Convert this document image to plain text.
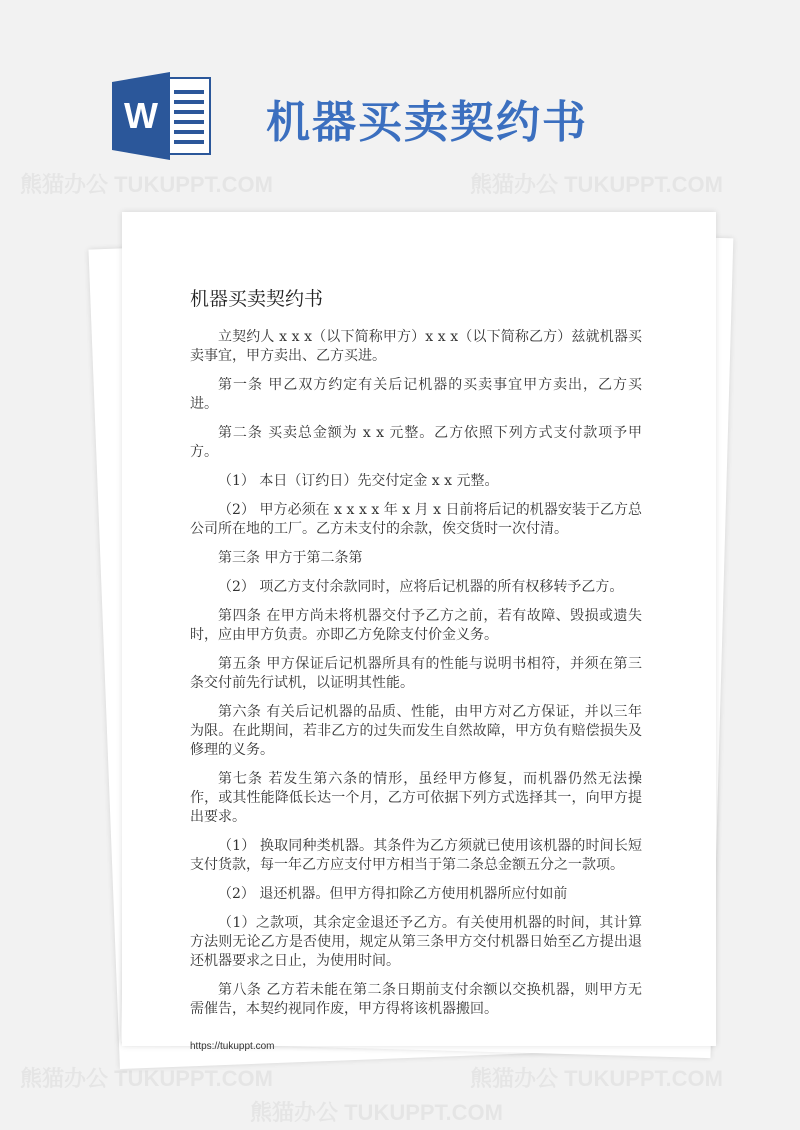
W 机器买卖契约书
机器买卖契约书

立契约人 x x x（以下简称甲方）x x x（以下简称乙方）兹就机器买卖事宜，甲方卖出、乙方买进。

第一条 甲乙双方约定有关后记机器的买卖事宜甲方卖出，乙方买进。

第二条 买卖总金额为 x x 元整。乙方依照下列方式支付款项予甲方。

（1） 本日（订约日）先交付定金 x x 元整。

（2） 甲方必须在 x x x x 年 x 月 x 日前将后记的机器安装于乙方总公司所在地的工厂。乙方未支付的余款，俟交货时一次付清。

第三条 甲方于第二条第

（2） 项乙方支付余款同时，应将后记机器的所有权移转予乙方。

第四条 在甲方尚未将机器交付予乙方之前，若有故障、毁损或遗失时，应由甲方负责。亦即乙方免除支付价金义务。

第五条 甲方保证后记机器所具有的性能与说明书相符，并须在第三条交付前先行试机，以证明其性能。

第六条 有关后记机器的品质、性能，由甲方对乙方保证，并以三年为限。在此期间，若非乙方的过失而发生自然故障，甲方负有赔偿损失及修理的义务。

第七条 若发生第六条的情形，虽经甲方修复，而机器仍然无法操作，或其性能降低长达一个月，乙方可依据下列方式选择其一，向甲方提出要求。

（1） 换取同种类机器。其条件为乙方须就已使用该机器的时间长短支付货款，每一年乙方应支付甲方相当于第二条总金额五分之一款项。

（2） 退还机器。但甲方得扣除乙方使用机器所应付如前

（1）之款项，其余定金退还予乙方。有关使用机器的时间，其计算方法则无论乙方是否使用，规定从第三条甲方交付机器日始至乙方提出退还机器要求之日止，为使用时间。

第八条 乙方若未能在第二条日期前支付余额以交换机器，则甲方无需催告，本契约视同作废，甲方得将该机器搬回。

https://tukuppt.com
熊猫办公 TUKUPPT.COM	熊猫办公 TUKUPPT.COM
熊猫办公 TUKUPPT.COM	熊猫办公 TUKUPPT.COM
熊猫办公 TUKUPPT.COM
